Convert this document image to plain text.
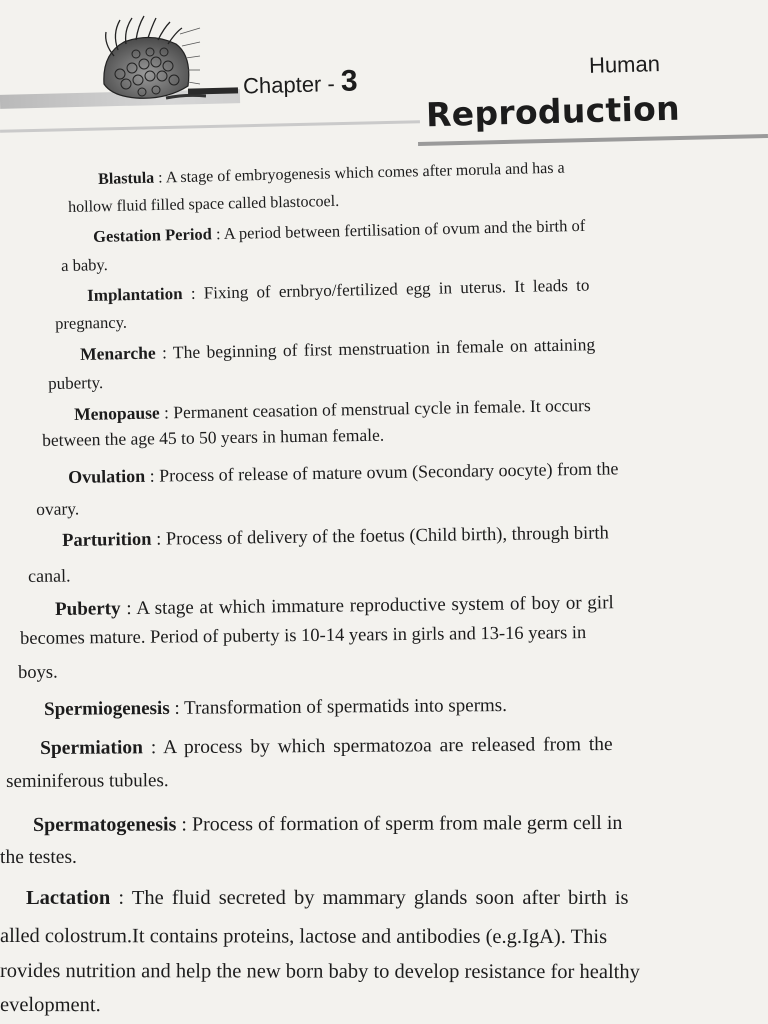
Chapter - 3
Human
Reproduction
Blastula : A stage of embryogenesis which comes after morula and has a
hollow fluid filled space called blastocoel.
Gestation Period : A period between fertilisation of ovum and the birth of
a baby.
Implantation : Fixing of ernbryo/fertilized egg in uterus. It leads to
pregnancy.
Menarche : The beginning of first menstruation in female on attaining
puberty.
Menopause : Permanent ceasation of menstrual cycle in female. It occurs
between the age 45 to 50 years in human female.
Ovulation : Process of release of mature ovum (Secondary oocyte) from the
ovary.
Parturition : Process of delivery of the foetus (Child birth), through birth
canal.
Puberty : A stage at which immature reproductive system of boy or girl
becomes mature. Period of puberty is 10-14 years in girls and 13-16 years in
boys.
Spermiogenesis : Transformation of spermatids into sperms.
Spermiation : A process by which spermatozoa are released from the
seminiferous tubules.
Spermatogenesis : Process of formation of sperm from male germ cell in
the testes.
Lactation : The fluid secreted by mammary glands soon after birth is
alled colostrum.It contains proteins, lactose and antibodies (e.g.IgA). This
rovides nutrition and help the new born baby to develop resistance for healthy
evelopment.
